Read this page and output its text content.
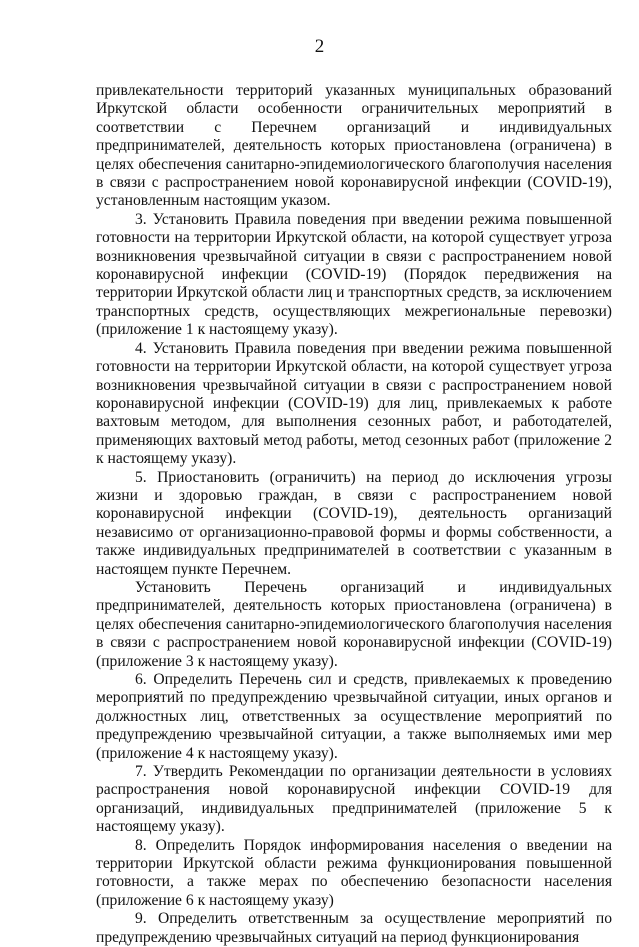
2

привлекательности территорий указанных муниципальных образований Иркутской области особенности ограничительных мероприятий в соответствии с Перечнем организаций и индивидуальных предпринимателей, деятельность которых приостановлена (ограничена) в целях обеспечения санитарно-эпидемиологического благополучия населения в связи с распространением новой коронавирусной инфекции (COVID-19), установленным настоящим указом.

3. Установить Правила поведения при введении режима повышенной готовности на территории Иркутской области, на которой существует угроза возникновения чрезвычайной ситуации в связи с распространением новой коронавирусной инфекции (COVID-19) (Порядок передвижения на территории Иркутской области лиц и транспортных средств, за исключением транспортных средств, осуществляющих межрегиональные перевозки) (приложение 1 к настоящему указу).

4. Установить Правила поведения при введении режима повышенной готовности на территории Иркутской области, на которой существует угроза возникновения чрезвычайной ситуации в связи с распространением новой коронавирусной инфекции (COVID-19) для лиц, привлекаемых к работе вахтовым методом, для выполнения сезонных работ, и работодателей, применяющих вахтовый метод работы, метод сезонных работ (приложение 2 к настоящему указу).

5. Приостановить (ограничить) на период до исключения угрозы жизни и здоровью граждан, в связи с распространением новой коронавирусной инфекции (COVID-19), деятельность организаций независимо от организационно-правовой формы и формы собственности, а также индивидуальных предпринимателей в соответствии с указанным в настоящем пункте Перечнем.

Установить Перечень организаций и индивидуальных предпринимателей, деятельность которых приостановлена (ограничена) в целях обеспечения санитарно-эпидемиологического благополучия населения в связи с распространением новой коронавирусной инфекции (COVID-19) (приложение 3 к настоящему указу).

6. Определить Перечень сил и средств, привлекаемых к проведению мероприятий по предупреждению чрезвычайной ситуации, иных органов и должностных лиц, ответственных за осуществление мероприятий по предупреждению чрезвычайной ситуации, а также выполняемых ими мер (приложение 4 к настоящему указу).

7. Утвердить Рекомендации по организации деятельности в условиях распространения новой коронавирусной инфекции COVID-19 для организаций, индивидуальных предпринимателей (приложение 5 к настоящему указу).

8. Определить Порядок информирования населения о введении на территории Иркутской области режима функционирования повышенной готовности, а также мерах по обеспечению безопасности населения (приложение 6 к настоящему указу)

9. Определить ответственным за осуществление мероприятий по предупреждению чрезвычайных ситуаций на период функционирования
